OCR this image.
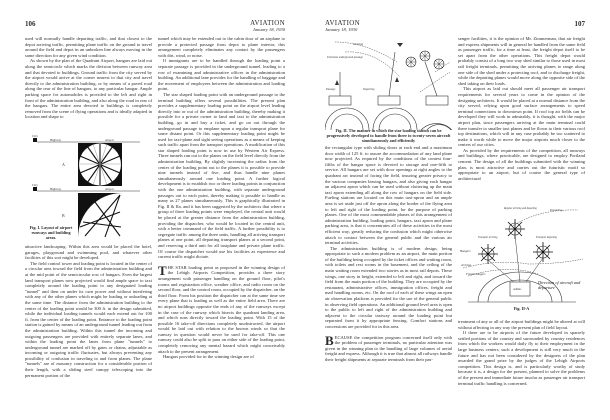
106	AVIATION
January 18, 1930

used will normally handle departing traffic, and that closest to the depot arriving traffic, permitting plane traffic on the ground to travel around the field and depot in an unbroken line always moving in the same direction for any given wind condition.

As shown by the plan of the Quadrant Airport, hangars are laid out along the semicircle which marks the division between runway area and that devoted to buildings. Ground traffic from the city served by the airport would arrive at the corner nearest to that city and travel directly to the administration building, or by means of a paved road along the rear of the line of hangars, to any particular hangar. Ample parking space for automobiles is provided to the left and right in front of the administration building, and also along the road in rear of the hangars. The entire area devoted to buildings is completely removed from the scene of flying operations and is ideally adapted in location and shape to

City
Highway	Airport
A
City
Highway	Airport
B
Fig. I. Layout of airport runways and building areas.

attractive landscaping. Within this area would be placed the hotel, garages, playground and swimming pool, and whatever other facilities of this sort might be developed.

The field control tower and loading point is located in the center of a circular area toward the field from the administration building and at the mid point of the semicircular row of hangars. Even the largest land transport planes now projected would find ample space to taxi completely around the loading point to any designated loading "tunnel" and then on under its own power and without interfering with any of the other planes which might be loading or unloading at the same time. The distance from the administration building to the center of the loading point would be 300 ft. in the design submitted, while the individual loading tunnels would each extend out for 100 ft. from the center of the loading point. Entrance to the loading point station is gained by means of an underground tunnel leading out from the administration building. Within this tunnel the incoming and outgoing passengers are provided with entirely separate lanes, and within the loading point the lanes from plane "tunnels" to underground tunnel are marked off by gates or chains, adjustable as incoming or outgoing traffic fluctuates, but always preventing any possibility of confusion in traveling to and from planes. The plane "tunnels" are of masonry construction for a considerable portion of their length, with a sliding steel canopy telescoping into the permanent portion of the

tunnel which may be extended out to the cabin door of an airplane to provide a protected passage from depot to plane interior, this arrangement completely eliminates any contact by the passengers with dirt, wind, or noise.

If immigrants are to be handled through the loading point a separate passage is provided in the underground tunnel, leading to a row of examining and administrative offices in the administration building. An additional lane provides for the handling of baggage and the movement of employees between the administration and loading point.

The star shaped loading point with an underground passage to the terminal building offers several possibilities. The present plan provides a supplementary loading point on the airport level leading directly into or out of the administration building, thereby making it possible for a private owner to land and taxi to the administration building, go in and buy a ticket, and go on out through the underground passage to emplane upon a regular transport plane for some distant point. Or this supplementary loading point might be used for taxi-plane and sight seeing operations as a means of keeping such traffic apart from the transport operations. A modification of this star shaped loading point is now in use by Western Air Express. Three tunnels run out to the planes on the field level directly from the administration building. By slightly increasing the radius from the center of the loading point out to the planes it is possible to provide nine tunnels instead of five, and thus handle nine planes simultaneously around one loading point. A further logical development is to establish two or three loading points in conjunction with the one administration building, with separate underground passages out to each point, thereby making it possible to handle as many as 27 planes simultaneously. This is graphically illustrated in Fig. II & IIa, and it has been suggested by the architects that where a group of three loading points were employed, the central unit would be placed at the greater distance from the administration building, providing the dispatcher, who would be located in the central unit, with a better command of the field traffic. A further possibility is to segregate traffic among the three units, handling all arriving transport planes at one point, all departing transport planes at a second point, and reserving a third unit for all taxiplane and private plane traffic. Of course the dispatcher would use his facilities as experience and current traffic might dictate.

THE STAR loading point as proposed in the winning design of the Lehigh Airports Competition, provides a three story arrangement with passenger handling on the ground floor, pilot's rooms and registration office, weather office, and radio room on the second floor, and the control room, occupied by the dispatcher, on the third floor. From his position the dispatcher can at the same time see every plane that is loading as well as the entire field area. There are no airport buildings opposite the ends of any of the runways except in the case of the runway which bisects the quadrant landing area, and which runs directly toward the loading point. With 15 of the possible 16 take-off directions completely unobstructed, the airport would be laid out with relation to the known winds so that the runway in question would never be used for take-off. This one runway could also be split to pass on either side of the loading point, completely removing any mental hazard which might conceivably attach to the present arrangement.

Hangars provided for in the winning design are of

AVIATION
January 18, 1930
107
Arriving
Extension underground passage
Passage	Departing
Fig. II. The manner in which the star loading station can be progressively developed to handle from three to twenty-seven aircraft simultaneously and efficiently

the rectangular type with sliding doors at each end and a maximum door width of 125 ft. to assure the accommodation of any land plane now projected. As required by the conditions of the contest four-fifths of the hangar space is devoted to storage and one-fifth to service. All hangars are set with door openings at right angles to the quadrant arc instead of facing the field, insuring greater privacy to the various companies leasing hangars, and also giving each hangar an adjacent apron which can be used without cluttering up the main taxi apron extending all along the row of hangars on the field side. Fueling stations are located on this main taxi-apron and an ample area is set aside just off the apron along the border of the flying area to left and right of the loading point, for the purpose of parking planes. One of the most commendable phases of this arrangement of administration building, loading point, hangars, taxi apron and plane parking area, is that it concentrates all of these activities in the most efficient way, greatly reducing the confusion which might otherwise attach to contact between the general public and the various air terminal activities.

The administration building is of modern design, being appropriate to such a modern problem as an airport, the main portion of the building being occupied by the ticket offices and waiting room, with toilets and rest rooms in the basement, and the ceiling of the main waiting room extended two stories as in most rail depots. These wings, one story in height, extended to left and right, and toward the field from the main portion of the building. They are occupied by the restaurant, administrative offices, immigration offices, freight and mail handling rooms, etc. On the roof of each of these wings an open air observation platform is provided for the use of the general public in observing field operations. An additional ground level area is open to the public to left and right of the administration building and adjacent to the circular taxiway around the loading point but separated from it by appropriate fencing. Comfort stations and concessions are provided for in this area.

BECAUSE the competition program concerned itself only with the problem of passenger terminals, no particular attention was given in the winning plan to the handling of large volumes of aerial freight and express. Although it is true that almost all railways handle their freight shipments at separate terminals from their pas-

senger facilities, it is the opinion of Mr. Zimmerman, that air freight and express shipments will in general be handled from the same field as passenger traffic, for a time at least, the freight depot itself to be set apart from the other operations. This freight depot would probably consist of a long two way shed similar to those used in most rail freight terminals, permitting the arriving planes to range along one side of the shed under a protecting roof, and to discharge freight, while the departing planes would move along the opposite side of the shed taking on their loads.

This airport as laid out should meet all passenger air transport requirements for several years to come in the opinion of the designing architects. It would be placed at a normal distance from the city served, relying upon good surface arrangements to speed terminal connections to downtown point. If roof top air fields can be developed they will work in admirably, it is thought, with the major airport plan, since passengers arriving at the main terminal could there transfer to smaller taxi planes and be flown to their various roof top destinations, which will in any case probably be too scattered to make it worth while to move the major airports much closer to the centers of our cities.

As provided by the requirements of the competition, all runways and buildings, where practicable, are designed to employ Portland cement. The design of all the buildings submitted with the winning plan, is most attractive and carries out the futuristic motif so appropriate to an airport, but of course the general type of architectural

Departing
Regular arriving and departing
Transport arriving	Transport departing
Hangars
Arriving
Freight hangars
Admin.
Direction of aircraft and departure
Fig. II-A

treatment of any or all of the airport buildings might be altered at will without affecting in any way the present plan of field layout.

If there are to be airports of the future developed in sparsely settled portions of the country and surrounded by country residences from which the workers would daily fly to their employment in the large business centers, such a development is still very much in the future and has not been considered by the designers of the plan awarded the grand prize by the judges of the Lehigh Airports competition. This design is, and is particularly worthy of study because it is, a design for the present, planned to solve the problems of the present and immediate future insofar as passenger air transport terminal traffic handling is concerned.
